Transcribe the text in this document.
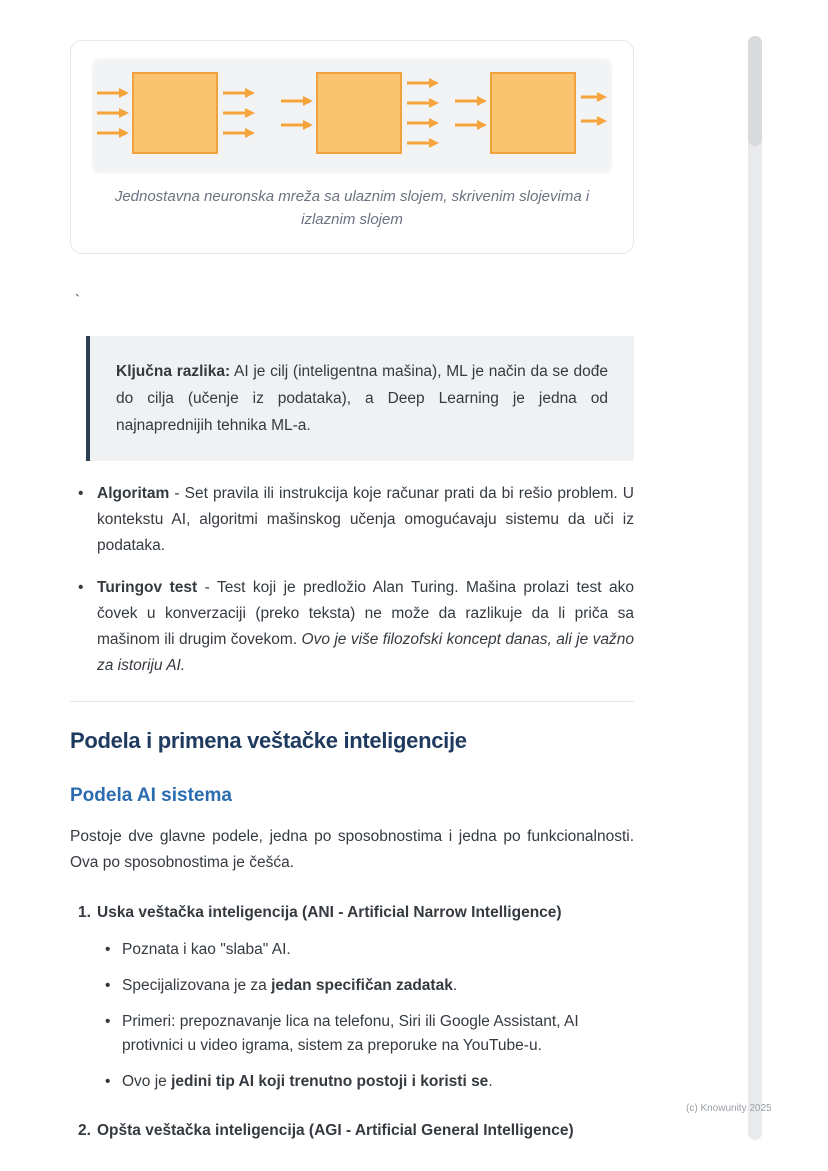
Jednostavna neuronska mreža sa ulaznim slojem, skrivenim slojevima i izlaznim slojem
`

Ključna razlika: AI je cilj (inteligentna mašina), ML je način da se dođe do cilja (učenje iz podataka), a Deep Learning je jedna od najnaprednijih tehnika ML-a.

• Algoritam - Set pravila ili instrukcija koje računar prati da bi rešio problem. U kontekstu AI, algoritmi mašinskog učenja omogućavaju sistemu da uči iz podataka.
• Turingov test - Test koji je predložio Alan Turing. Mašina prolazi test ako čovek u konverzaciji (preko teksta) ne može da razlikuje da li priča sa mašinom ili drugim čovekom. Ovo je više filozofski koncept danas, ali je važno za istoriju AI.
Podela i primena veštačke inteligencije
Podela AI sistema

Postoje dve glavne podele, jedna po sposobnostima i jedna po funkcionalnosti. Ova po sposobnostima je češća.

1. Uska veštačka inteligencija (ANI - Artificial Narrow Intelligence)
• Poznata i kao "slaba" AI.
• Specijalizovana je za jedan specifičan zadatak.
• Primeri: prepoznavanje lica na telefonu, Siri ili Google Assistant, AI protivnici u video igrama, sistem za preporuke na YouTube-u.
• Ovo je jedini tip AI koji trenutno postoji i koristi se.
2. Opšta veštačka inteligencija (AGI - Artificial General Intelligence)
(c) Knowunity 2025
